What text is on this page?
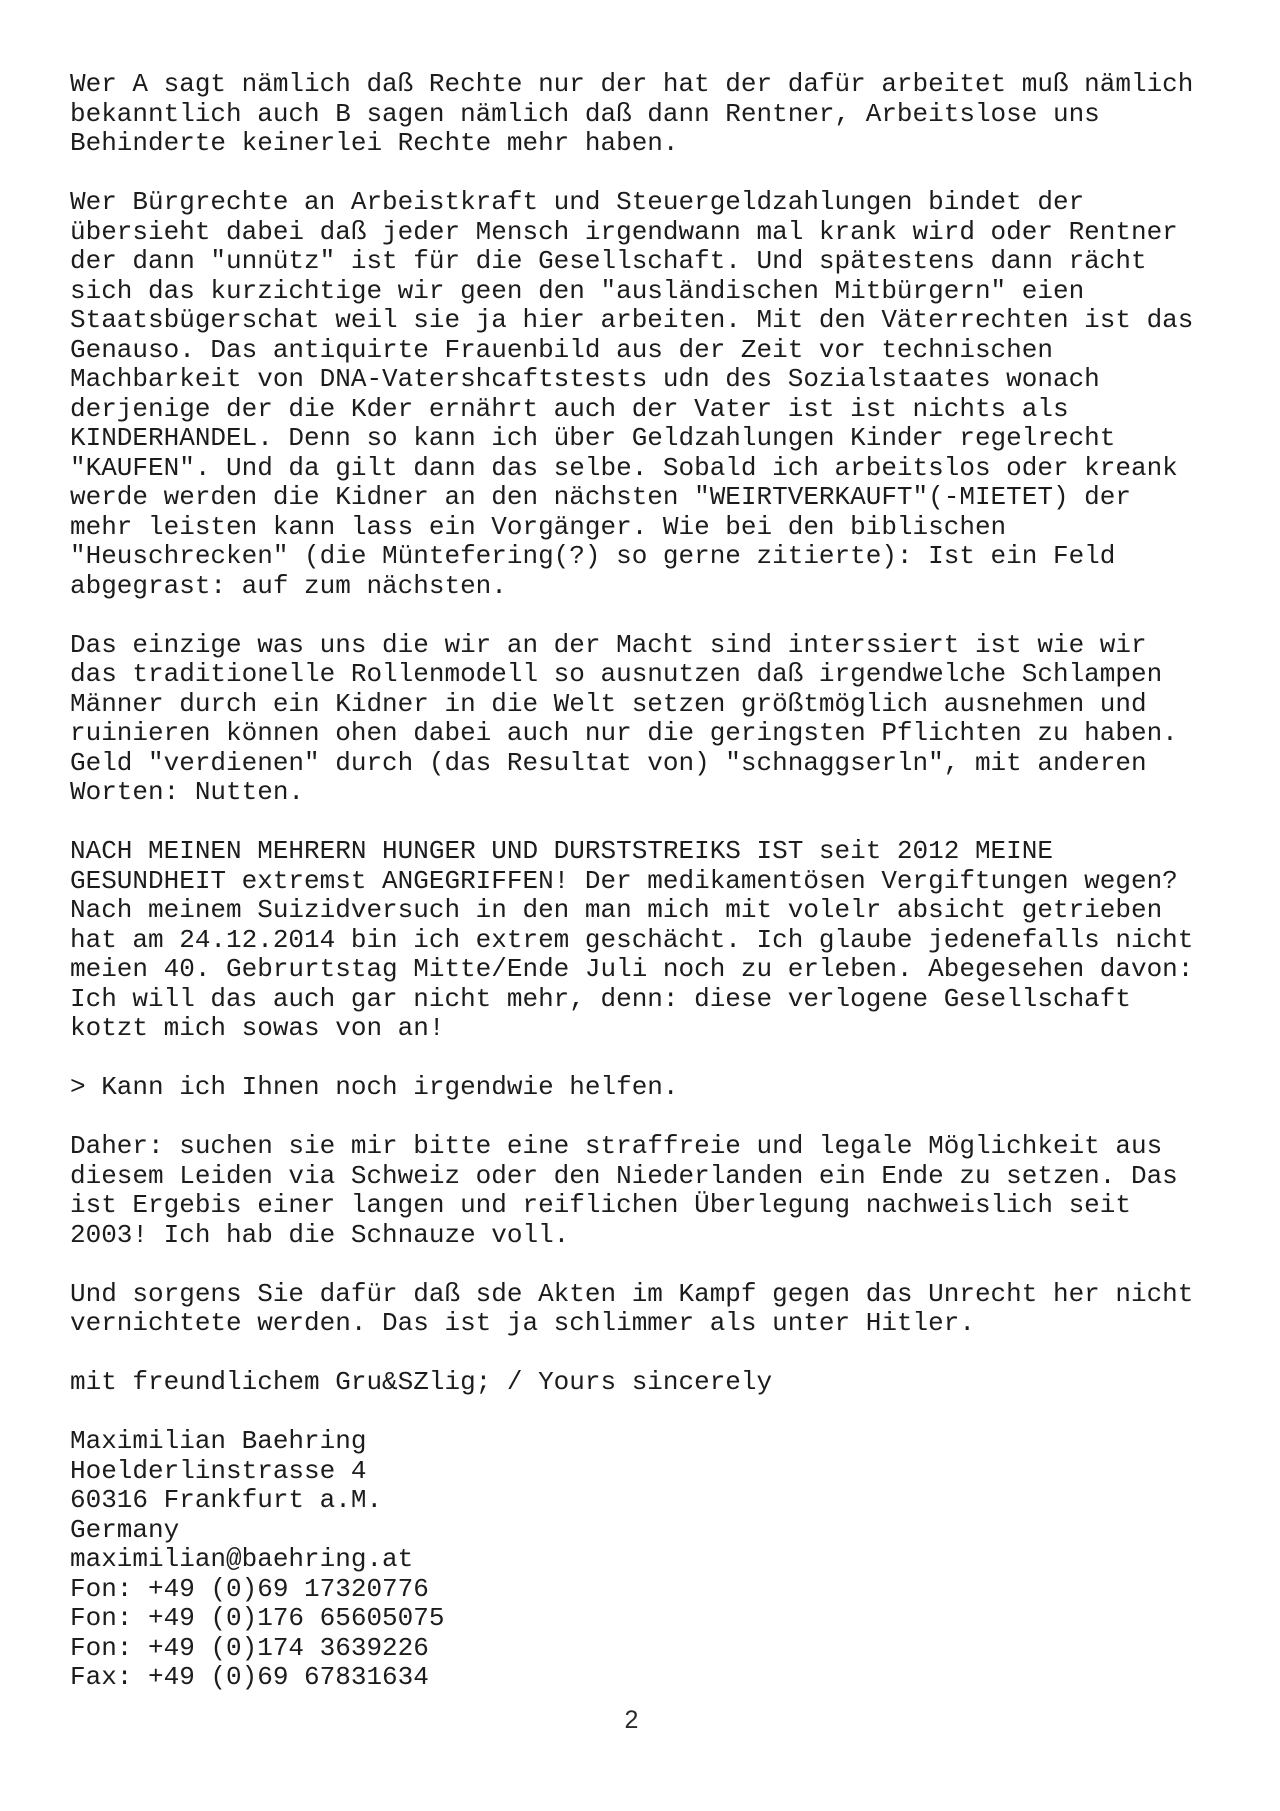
Wer A sagt nämlich daß Rechte nur der hat der dafür arbeitet muß nämlich
bekanntlich auch B sagen nämlich daß dann Rentner, Arbeitslose uns
Behinderte keinerlei Rechte mehr haben.
Wer Bürgrechte an Arbeistkraft und Steuergeldzahlungen bindet der
übersieht dabei daß jeder Mensch irgendwann mal krank wird oder Rentner
der dann "unnütz" ist für die Gesellschaft. Und spätestens dann rächt
sich das kurzichtige wir geen den "ausländischen Mitbürgern" eien
Staatsbügerschat weil sie ja hier arbeiten. Mit den Väterrechten ist das
Genauso. Das antiquirte Frauenbild aus der Zeit vor technischen
Machbarkeit von DNA-Vatershcaftstests udn des Sozialstaates wonach
derjenige der die Kder ernährt auch der Vater ist ist nichts als
KINDERHANDEL. Denn so kann ich über Geldzahlungen Kinder regelrecht
"KAUFEN". Und da gilt dann das selbe. Sobald ich arbeitslos oder kreank
werde werden die Kidner an den nächsten "WEIRTVERKAUFT"(-MIETET) der
mehr leisten kann lass ein Vorgänger. Wie bei den biblischen
"Heuschrecken" (die Müntefering(?) so gerne zitierte): Ist ein Feld
abgegrast: auf zum nächsten.
Das einzige was uns die wir an der Macht sind interssiert ist wie wir
das traditionelle Rollenmodell so ausnutzen daß irgendwelche Schlampen
Männer durch ein Kidner in die Welt setzen größtmöglich ausnehmen und
ruinieren können ohen dabei auch nur die geringsten Pflichten zu haben.
Geld "verdienen" durch (das Resultat von) "schnaggserln", mit anderen
Worten: Nutten.
NACH MEINEN MEHRERN HUNGER UND DURSTSTREIKS IST seit 2012 MEINE
GESUNDHEIT extremst ANGEGRIFFEN! Der medikamentösen Vergiftungen wegen?
Nach meinem Suizidversuch in den man mich mit volelr absicht getrieben
hat am 24.12.2014 bin ich extrem geschächt. Ich glaube jedenefalls nicht
meien 40. Gebrurtstag Mitte/Ende Juli noch zu erleben. Abegesehen davon:
Ich will das auch gar nicht mehr, denn: diese verlogene Gesellschaft
kotzt mich sowas von an!
> Kann ich Ihnen noch irgendwie helfen.
Daher: suchen sie mir bitte eine straffreie und legale Möglichkeit aus
diesem Leiden via Schweiz oder den Niederlanden ein Ende zu setzen. Das
ist Ergebis einer langen und reiflichen Überlegung nachweislich seit
2003! Ich hab die Schnauze voll.
Und sorgens Sie dafür daß sde Akten im Kampf gegen das Unrecht her nicht
vernichtete werden. Das ist ja schlimmer als unter Hitler.
mit freundlichem Gru&SZlig; / Yours sincerely
Maximilian Baehring
Hoelderlinstrasse 4
60316 Frankfurt a.M.
Germany
maximilian@baehring.at
Fon: +49 (0)69 17320776
Fon: +49 (0)176 65605075
Fon: +49 (0)174 3639226
Fax: +49 (0)69 67831634
2
